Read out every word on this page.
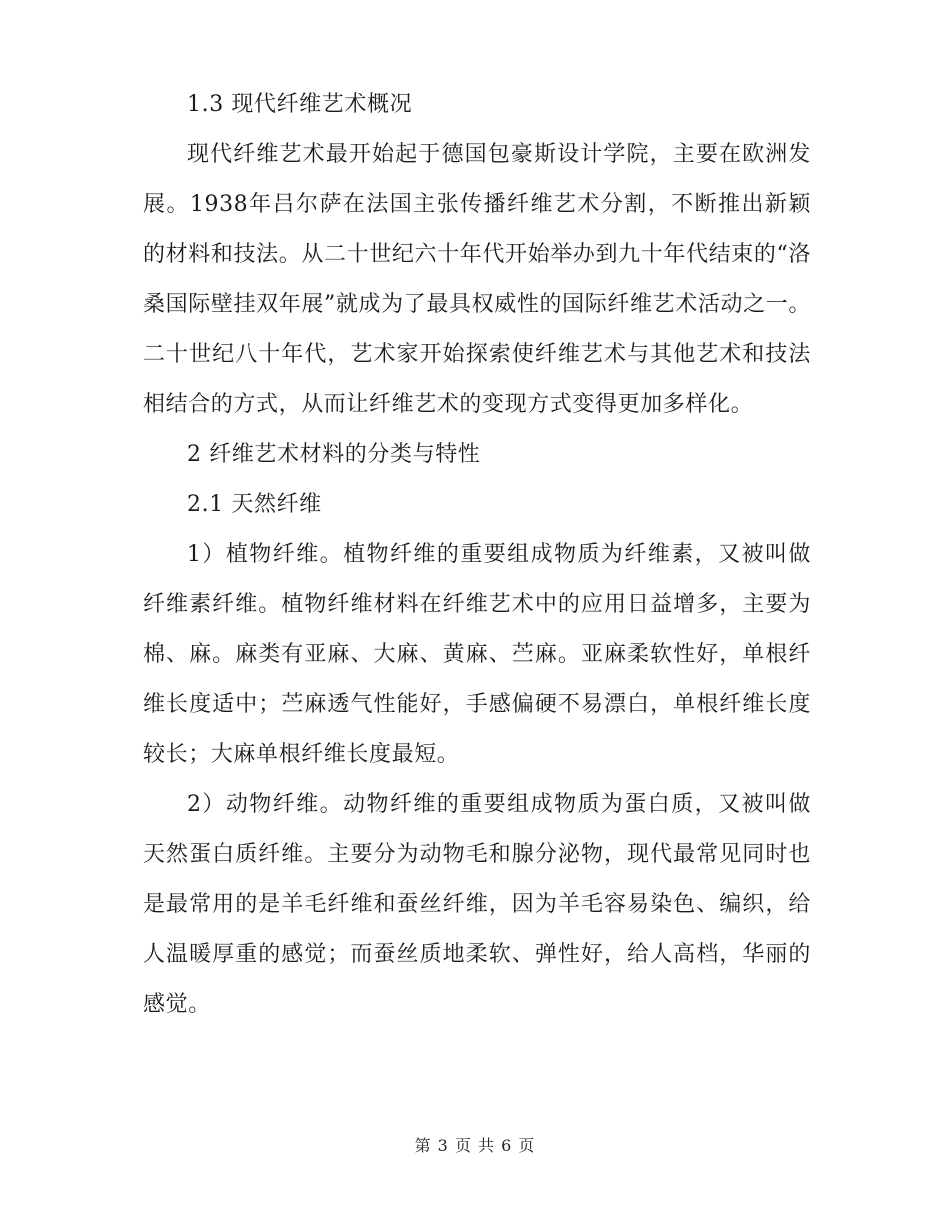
1.3 现代纤维艺术概况

现代纤维艺术最开始起于德国包豪斯设计学院，主要在欧洲发展。1938年吕尔萨在法国主张传播纤维艺术分割，不断推出新颖的材料和技法。从二十世纪六十年代开始举办到九十年代结束的“洛桑国际壁挂双年展”就成为了最具权威性的国际纤维艺术活动之一。二十世纪八十年代，艺术家开始探索使纤维艺术与其他艺术和技法相结合的方式，从而让纤维艺术的变现方式变得更加多样化。

2 纤维艺术材料的分类与特性
2.1 天然纤维

1）植物纤维。植物纤维的重要组成物质为纤维素，又被叫做纤维素纤维。植物纤维材料在纤维艺术中的应用日益增多，主要为棉、麻。麻类有亚麻、大麻、黄麻、苎麻。亚麻柔软性好，单根纤维长度适中；苎麻透气性能好，手感偏硬不易漂白，单根纤维长度较长；大麻单根纤维长度最短。

2）动物纤维。动物纤维的重要组成物质为蛋白质，又被叫做天然蛋白质纤维。主要分为动物毛和腺分泌物，现代最常见同时也是最常用的是羊毛纤维和蚕丝纤维，因为羊毛容易染色、编织，给人温暖厚重的感觉；而蚕丝质地柔软、弹性好，给人高档，华丽的感觉。

第 3 页 共 6 页
